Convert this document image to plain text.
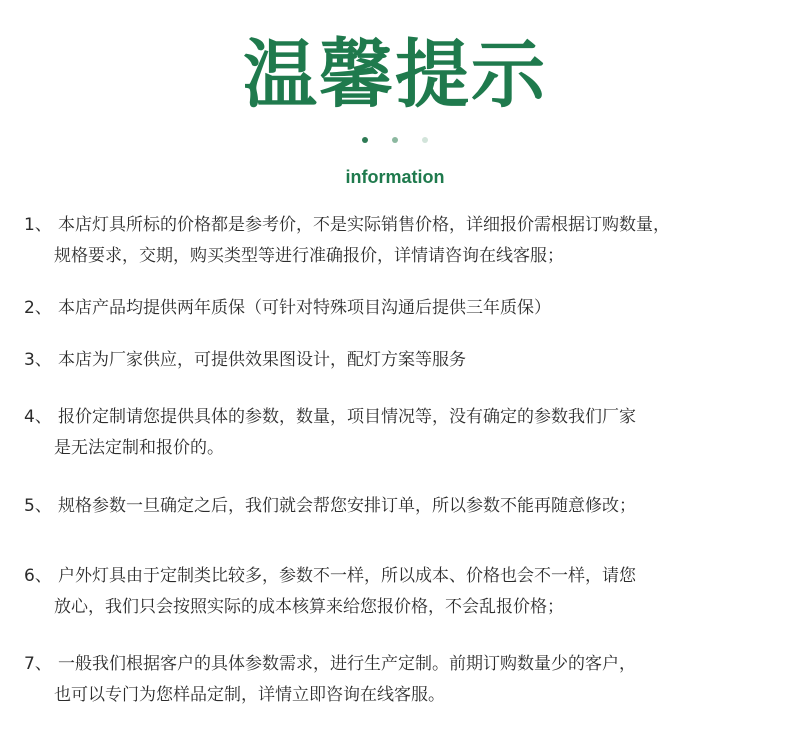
温馨提示
information
1、 本店灯具所标的价格都是参考价，不是实际销售价格，详细报价需根据订购数量，
规格要求，交期，购买类型等进行准确报价，详情请咨询在线客服；
2、 本店产品均提供两年质保（可针对特殊项目沟通后提供三年质保）
3、 本店为厂家供应，可提供效果图设计，配灯方案等服务
4、 报价定制请您提供具体的参数，数量，项目情况等，没有确定的参数我们厂家
是无法定制和报价的。
5、 规格参数一旦确定之后，我们就会帮您安排订单，所以参数不能再随意修改；
6、 户外灯具由于定制类比较多，参数不一样，所以成本、价格也会不一样，请您
放心，我们只会按照实际的成本核算来给您报价格，不会乱报价格；
7、 一般我们根据客户的具体参数需求，进行生产定制。前期订购数量少的客户，
也可以专门为您样品定制，详情立即咨询在线客服。
